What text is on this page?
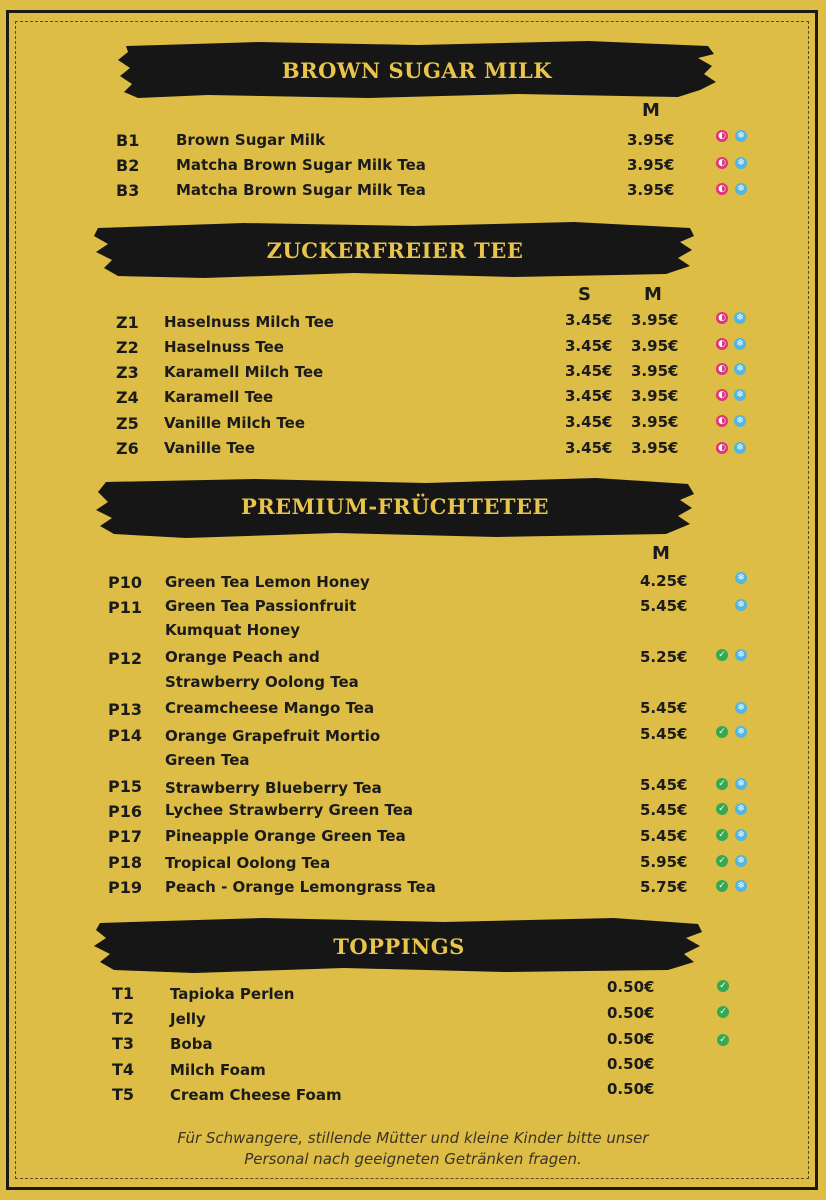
BROWN SUGAR MILK
M
B1 Brown Sugar Milk	3.95€	◐ ❄
B2 Matcha Brown Sugar Milk Tea	3.95€	◐ ❄
B3 Matcha Brown Sugar Milk Tea	3.95€	◐ ❄
ZUCKERFREIER TEE
S	M
Z1 Haselnuss Milch Tee	3.45€ 3.95€	◐ ❄
Z2 Haselnuss Tee	3.45€ 3.95€	◐ ❄
Z3 Karamell Milch Tee	3.45€ 3.95€	◐ ❄
Z4 Karamell Tee	3.45€ 3.95€	◐ ❄
Z5 Vanille Milch Tee	3.45€ 3.95€	◐ ❄
Z6 Vanille Tee	3.45€ 3.95€	◐ ❄
PREMIUM-FRÜCHTETEE
M
P10 Green Tea Lemon Honey	4.25€	❄
P11 Green Tea Passionfruit
Kumquat Honey
5.45€	❄
P12 Orange Peach and
Strawberry Oolong Tea
5.25€	✓ ❄
P13 Creamcheese Mango Tea	5.45€	❄
P14 Orange Grapefruit Mortio
Green Tea
5.45€	✓ ❄
P15 Strawberry Blueberry Tea	5.45€	✓ ❄
P16 Lychee Strawberry Green Tea	5.45€	✓ ❄
P17 Pineapple Orange Green Tea	5.45€	✓ ❄
P18 Tropical Oolong Tea	5.95€	✓ ❄
P19 Peach - Orange Lemongrass Tea	5.75€	✓ ❄
TOPPINGS
T1 Tapioka Perlen	0.50€	✓
T2 Jelly	0.50€	✓
T3 Boba	0.50€	✓
T4 Milch Foam	0.50€
T5 Cream Cheese Foam	0.50€
Für Schwangere, stillende Mütter und kleine Kinder bitte unser
Personal nach geeigneten Getränken fragen.
